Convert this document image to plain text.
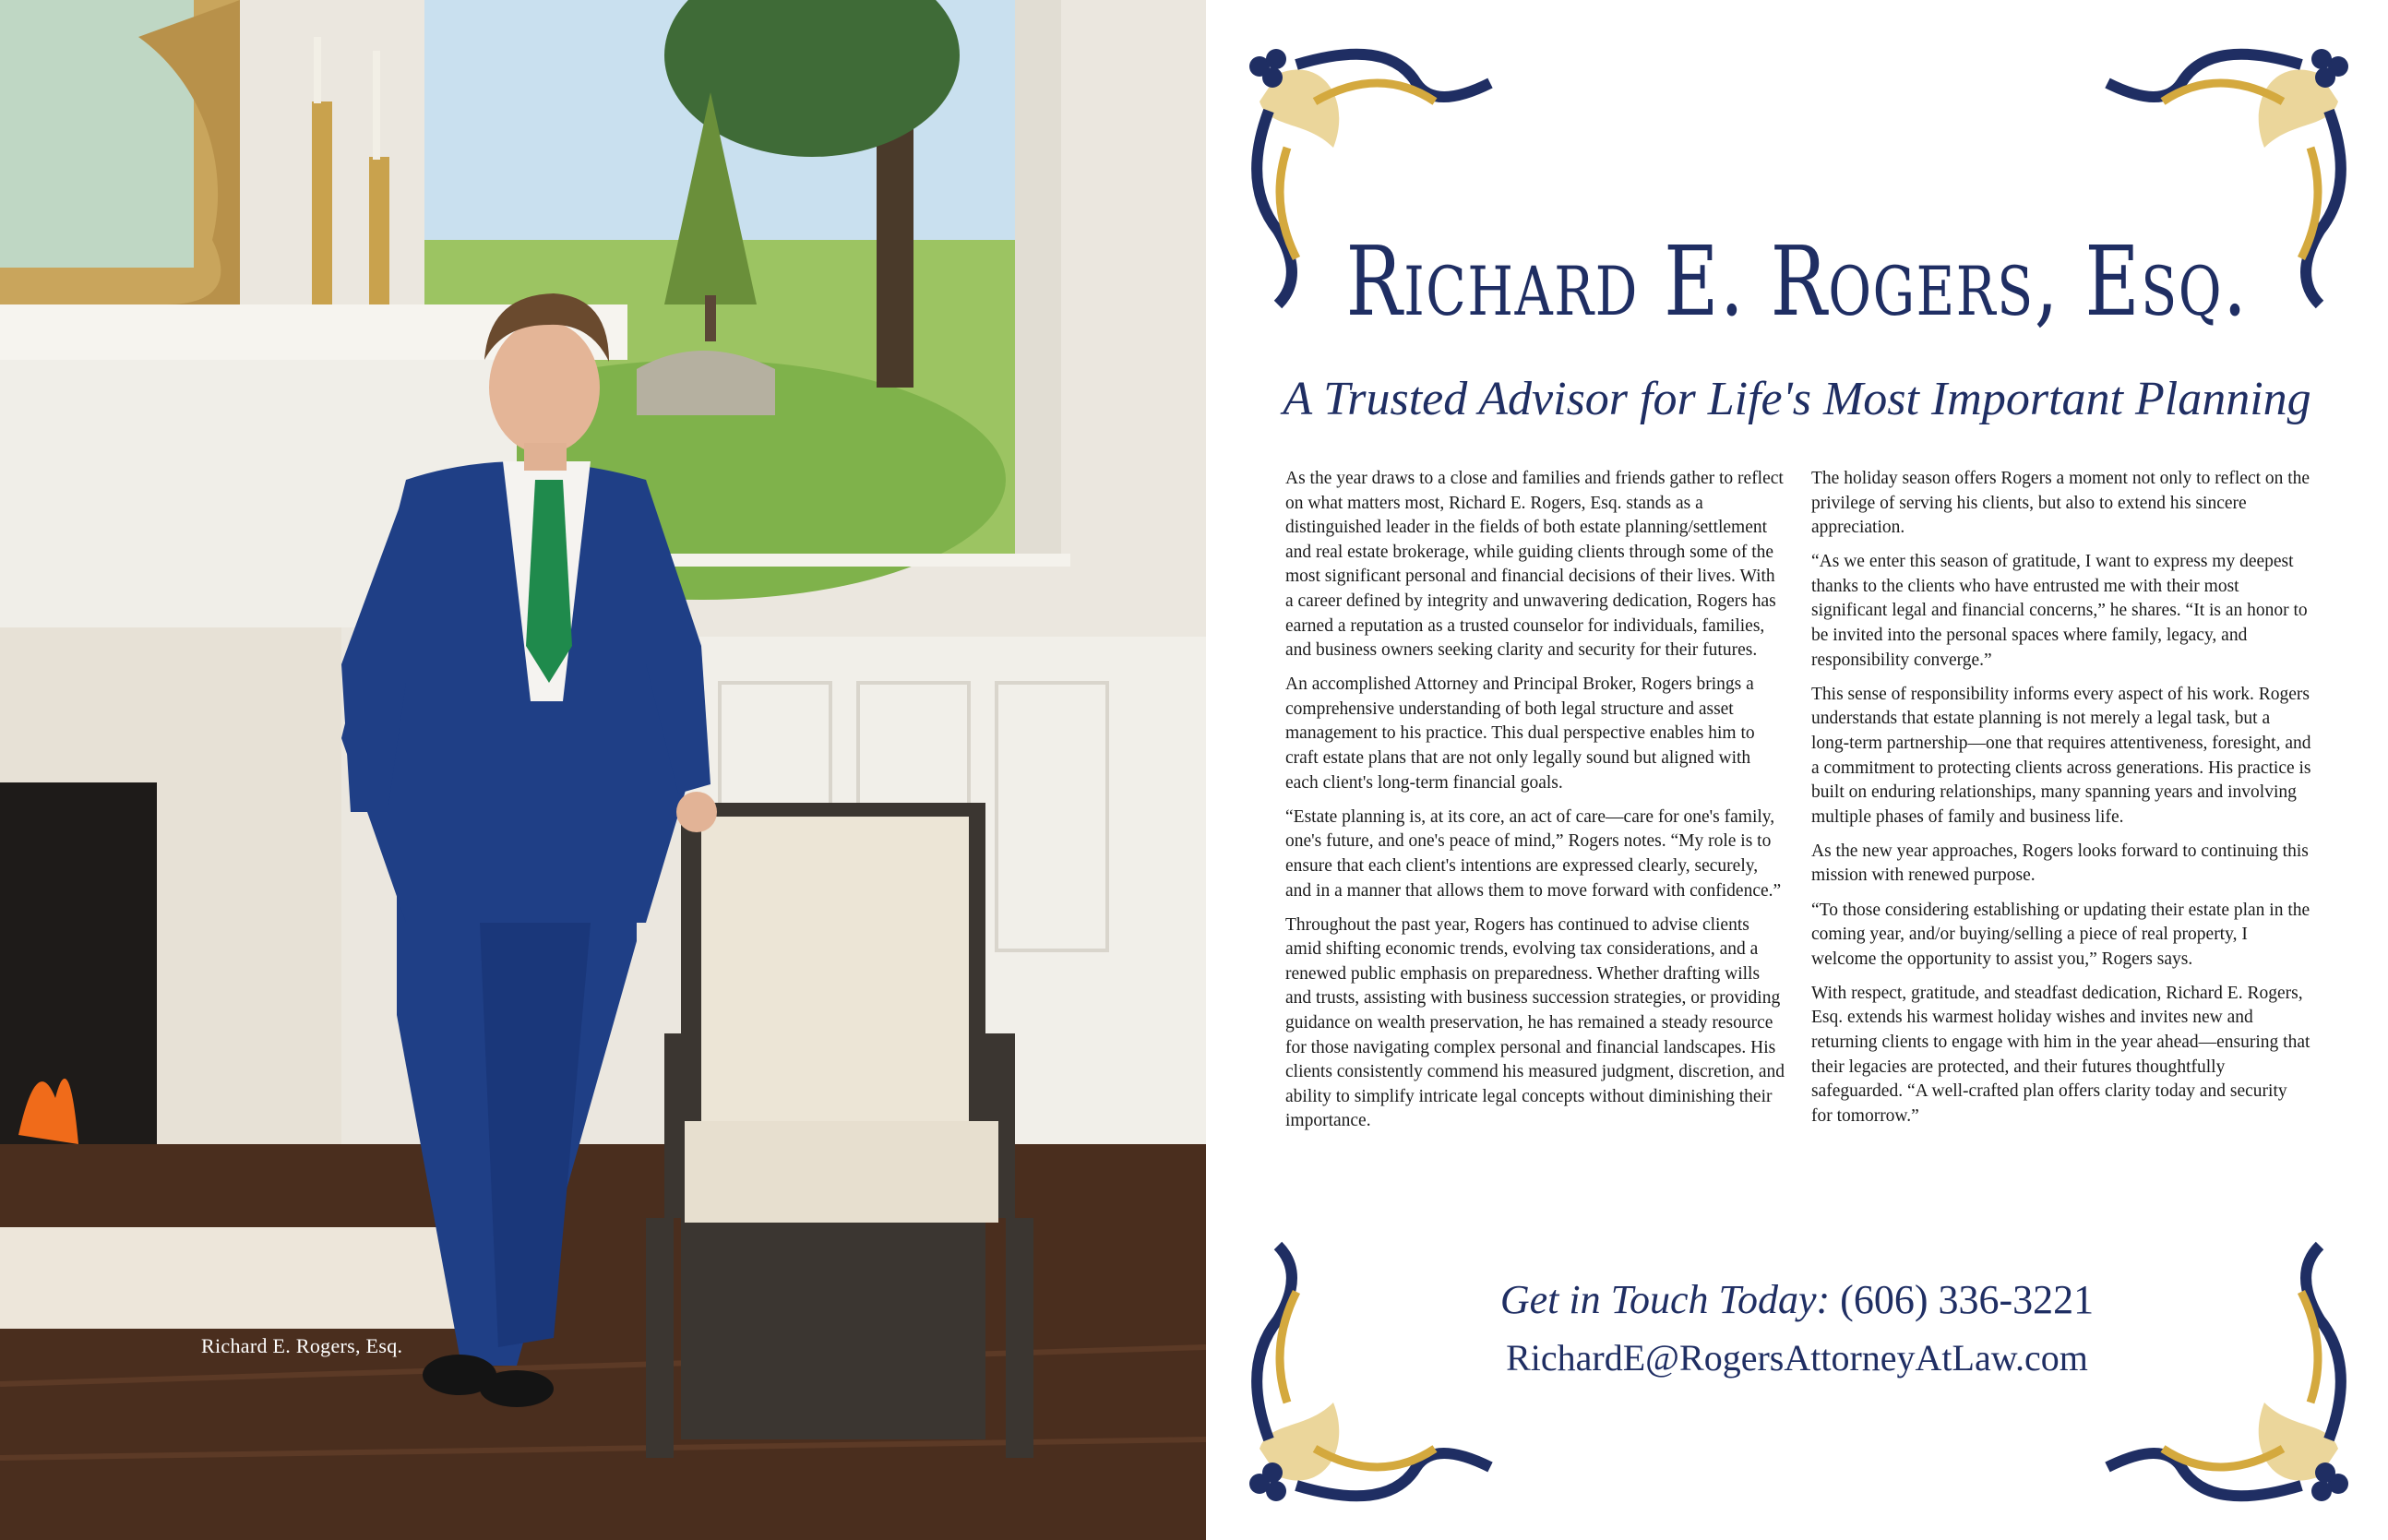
Richard E. Rogers, Esq.
Richard E. Rogers, Esq.
A Trusted Advisor for Life's Most Important Planning

As the year draws to a close and families and friends gather to reflect on what matters most, Richard E. Rogers, Esq. stands as a distinguished leader in the fields of both estate planning/settlement and real estate brokerage, while guiding clients through some of the most significant personal and financial decisions of their lives. With a career defined by integrity and unwavering dedication, Rogers has earned a reputation as a trusted counselor for individuals, families, and business owners seeking clarity and security for their futures.

An accomplished Attorney and Principal Broker, Rogers brings a comprehensive understanding of both legal structure and asset management to his practice. This dual perspective enables him to craft estate plans that are not only legally sound but aligned with each client's long-term financial goals.

“Estate planning is, at its core, an act of care—care for one's family, one's future, and one's peace of mind,” Rogers notes. “My role is to ensure that each client's intentions are expressed clearly, securely, and in a manner that allows them to move forward with confidence.”

Throughout the past year, Rogers has continued to advise clients amid shifting economic trends, evolving tax considerations, and a renewed public emphasis on preparedness. Whether drafting wills and trusts, assisting with business succession strategies, or providing guidance on wealth preservation, he has remained a steady resource for those navigating complex personal and financial landscapes. His clients consistently commend his measured judgment, discretion, and ability to simplify intricate legal concepts without diminishing their importance.

The holiday season offers Rogers a moment not only to reflect on the privilege of serving his clients, but also to extend his sincere appreciation.

“As we enter this season of gratitude, I want to express my deepest thanks to the clients who have entrusted me with their most significant legal and financial concerns,” he shares. “It is an honor to be invited into the personal spaces where family, legacy, and responsibility converge.”

This sense of responsibility informs every aspect of his work. Rogers understands that estate planning is not merely a legal task, but a long-term partnership—one that requires attentiveness, foresight, and a commitment to protecting clients across generations. His practice is built on enduring relationships, many spanning years and involving multiple phases of family and business life.

As the new year approaches, Rogers looks forward to continuing this mission with renewed purpose.

“To those considering establishing or updating their estate plan in the coming year, and/or buying/selling a piece of real property, I welcome the opportunity to assist you,” Rogers says.

With respect, gratitude, and steadfast dedication, Richard E. Rogers, Esq. extends his warmest holiday wishes and invites new and returning clients to engage with him in the year ahead—ensuring that their legacies are protected, and their futures thoughtfully safeguarded. “A well-crafted plan offers clarity today and security for tomorrow.”

Get in Touch Today: (606) 336-3221
RichardE@RogersAttorneyAtLaw.com
